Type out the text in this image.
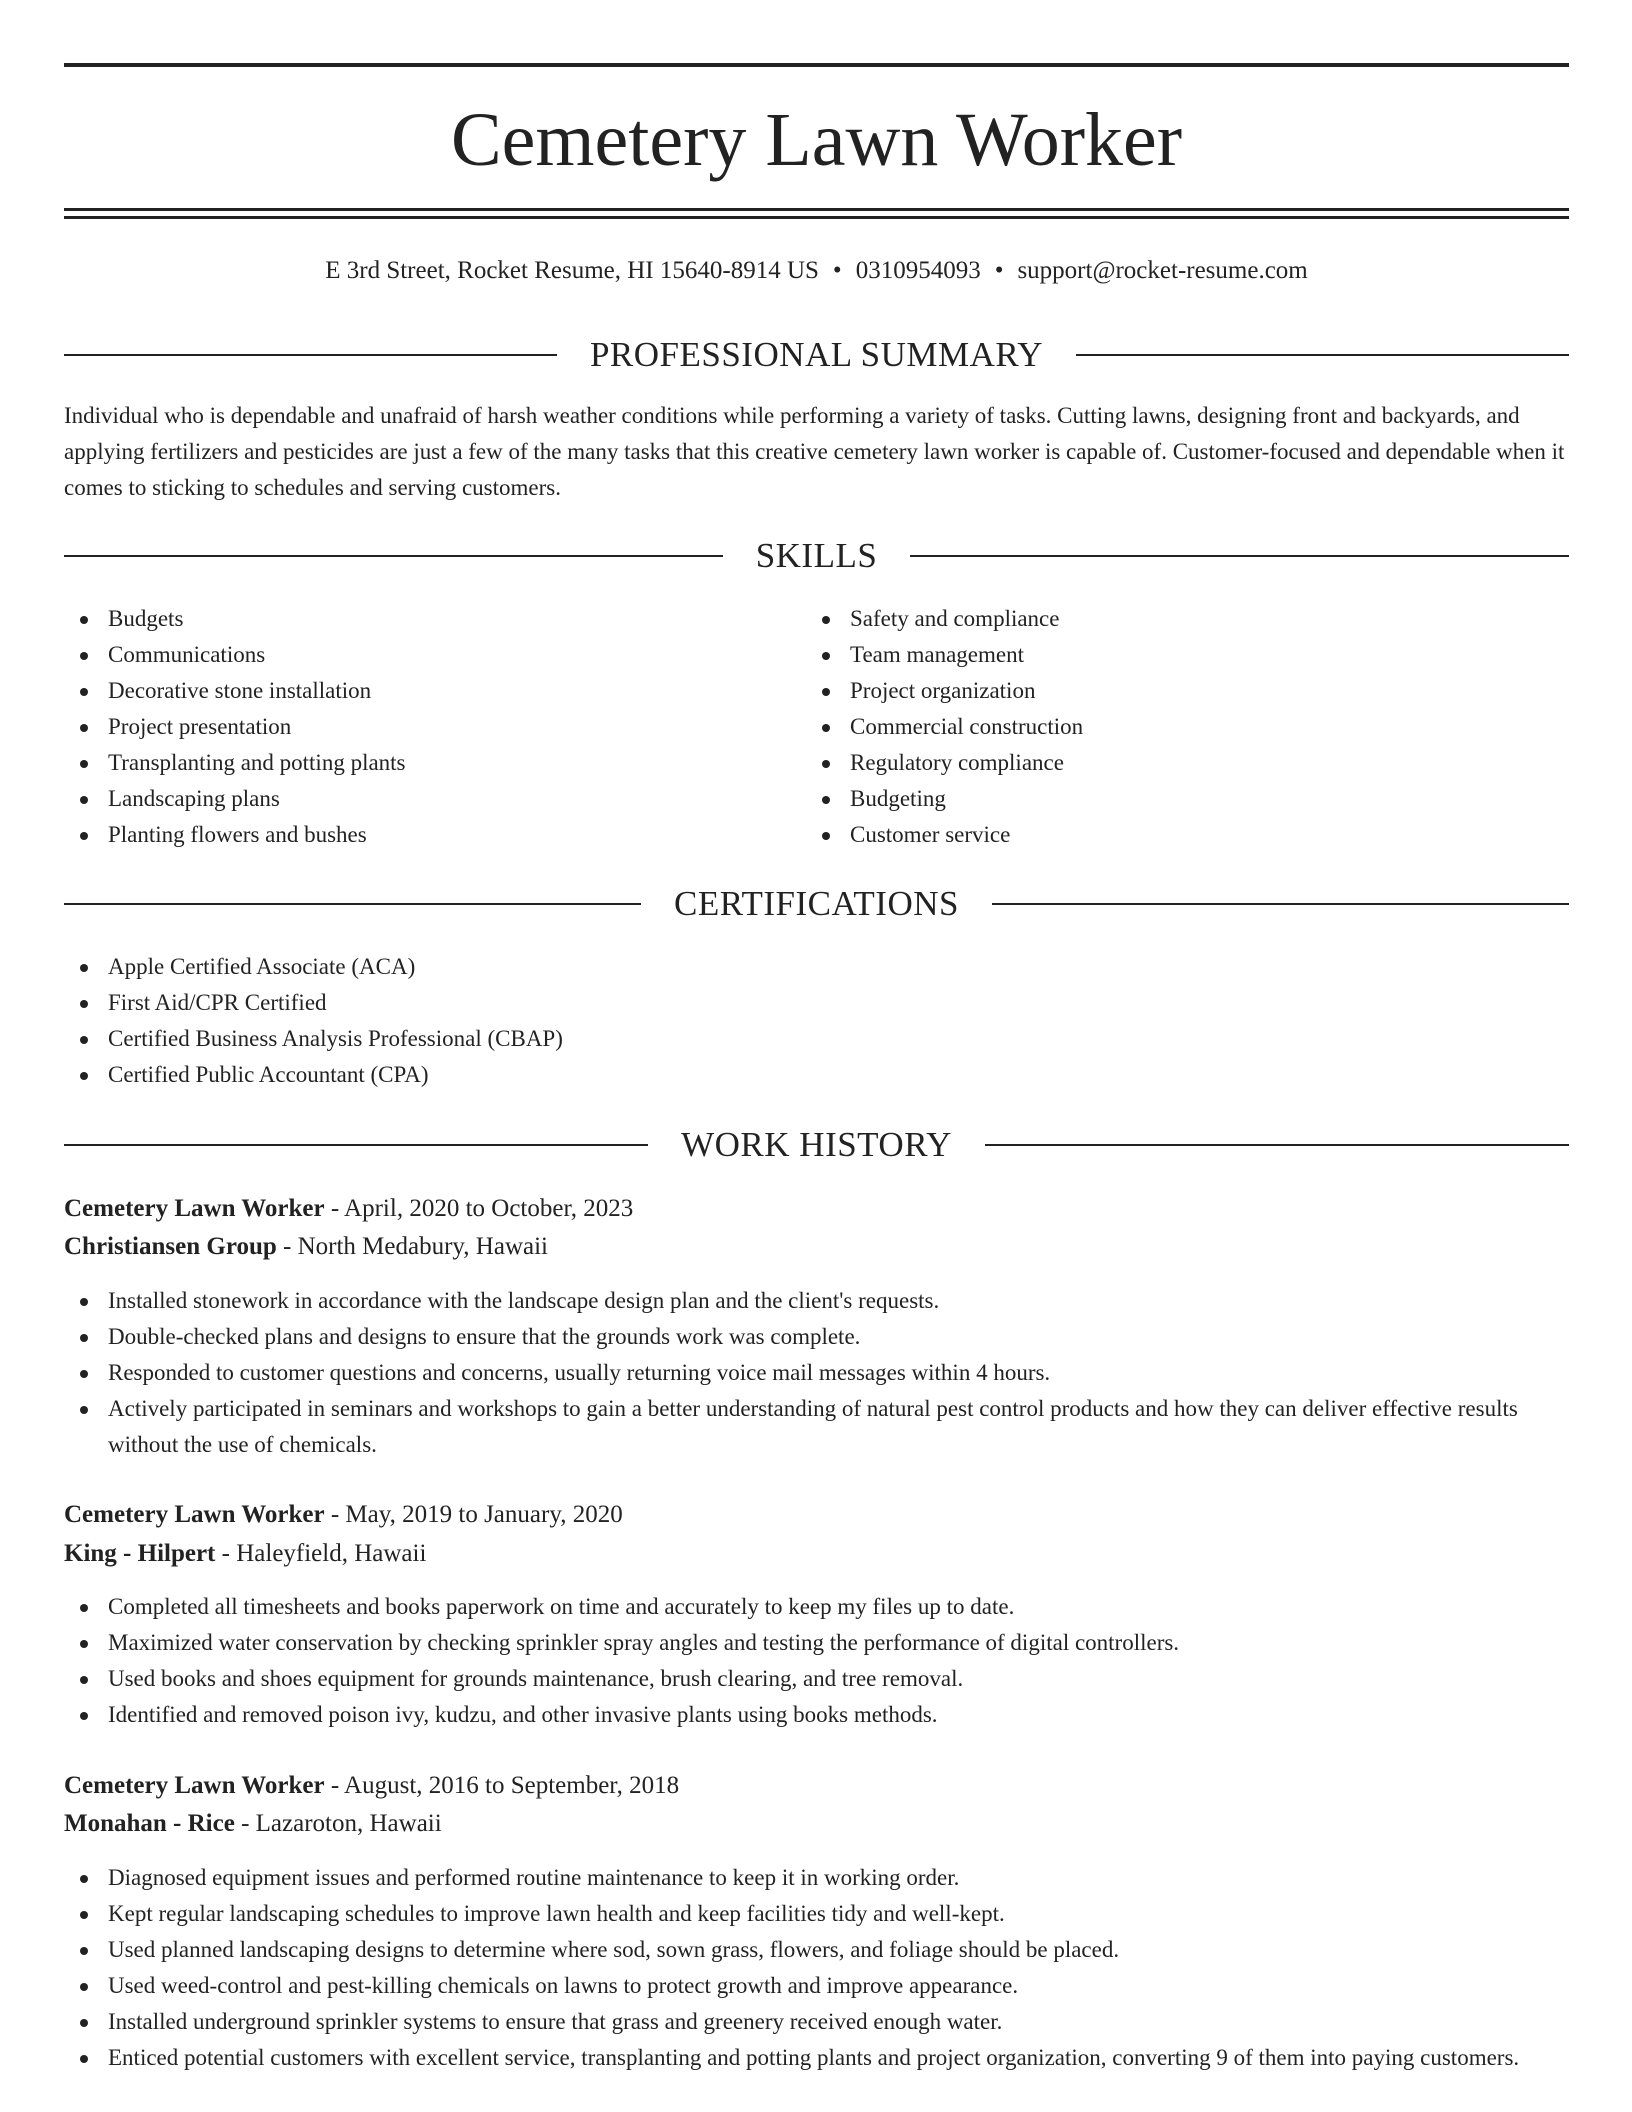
Cemetery Lawn Worker
E 3rd Street, Rocket Resume, HI 15640-8914 US • 0310954093 • support@rocket-resume.com
PROFESSIONAL SUMMARY

Individual who is dependable and unafraid of harsh weather conditions while performing a variety of tasks. Cutting lawns, designing front and backyards, and applying fertilizers and pesticides are just a few of the many tasks that this creative cemetery lawn worker is capable of. Customer-focused and dependable when it comes to sticking to schedules and serving customers.

SKILLS
Budgets
Communications
Decorative stone installation
Project presentation
Transplanting and potting plants
Landscaping plans
Planting flowers and bushes
Safety and compliance
Team management
Project organization
Commercial construction
Regulatory compliance
Budgeting
Customer service
CERTIFICATIONS
Apple Certified Associate (ACA)
First Aid/CPR Certified
Certified Business Analysis Professional (CBAP)
Certified Public Accountant (CPA)
WORK HISTORY
Cemetery Lawn Worker - April, 2020 to October, 2023
Christiansen Group - North Medabury, Hawaii
Installed stonework in accordance with the landscape design plan and the client's requests.
Double-checked plans and designs to ensure that the grounds work was complete.
Responded to customer questions and concerns, usually returning voice mail messages within 4 hours.
Actively participated in seminars and workshops to gain a better understanding of natural pest control products and how they can deliver effective results without the use of chemicals.
Cemetery Lawn Worker - May, 2019 to January, 2020
King - Hilpert - Haleyfield, Hawaii
Completed all timesheets and books paperwork on time and accurately to keep my files up to date.
Maximized water conservation by checking sprinkler spray angles and testing the performance of digital controllers.
Used books and shoes equipment for grounds maintenance, brush clearing, and tree removal.
Identified and removed poison ivy, kudzu, and other invasive plants using books methods.
Cemetery Lawn Worker - August, 2016 to September, 2018
Monahan - Rice - Lazaroton, Hawaii
Diagnosed equipment issues and performed routine maintenance to keep it in working order.
Kept regular landscaping schedules to improve lawn health and keep facilities tidy and well-kept.
Used planned landscaping designs to determine where sod, sown grass, flowers, and foliage should be placed.
Used weed-control and pest-killing chemicals on lawns to protect growth and improve appearance.
Installed underground sprinkler systems to ensure that grass and greenery received enough water.
Enticed potential customers with excellent service, transplanting and potting plants and project organization, converting 9 of them into paying customers.
